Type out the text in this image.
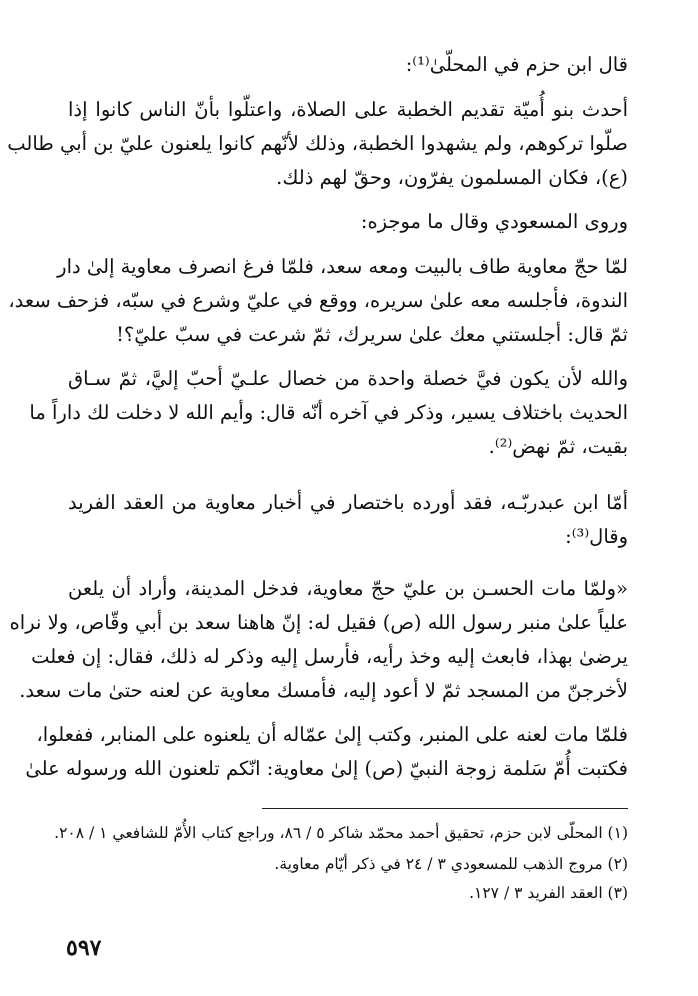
قال ابن حزم في المحلّىٰ⁽¹⁾:
أحدث بنو أُميّة تقديم الخطبة على الصلاة، واعتلّوا بأنّ الناس كانوا إذا
صلّوا تركوهم، ولم يشهدوا الخطبة، وذلك لأنّهم كانوا يلعنون عليّ بن أبي طالب
(ع)، فكان المسلمون يفرّون، وحقّ لهم ذلك.
وروى المسعودي وقال ما موجزه:
لمّا حجّ معاوية طاف بالبيت ومعه سعد، فلمّا فرغ انصرف معاوية إلىٰ دار
الندوة، فأجلسه معه علىٰ سريره، ووقع في عليّ وشرع في سبّه، فزحف سعد،
ثمّ قال: أجلستني معك علىٰ سريرك، ثمّ شرعت في سبّ عليّ؟!
والله لأن يكون فيَّ خصلة واحدة من خصال علـيّ أحبّ إليَّ، ثمّ سـاق
الحديث باختلاف يسير، وذكر في آخره أنّه قال: وأيم الله لا دخلت لك داراً ما
بقيت، ثمّ نهض⁽²⁾.
أمّا ابن عبدربّـه، فقد أورده باختصار في أخبار معاوية من العقد الفريد
وقال⁽³⁾:
«ولمّا مات الحسـن بن عليّ حجّ معاوية، فدخل المدينة، وأراد أن يلعن
علياً علىٰ منبر رسول الله (ص) فقيل له: إنّ هاهنا سعد بن أبي وقّاص، ولا نراه
يرضىٰ بهذا، فابعث إليه وخذ رأيه، فأرسل إليه وذكر له ذلك، فقال: إن فعلت
لأخرجنّ من المسجد ثمّ لا أعود إليه، فأمسك معاوية عن لعنه حتىٰ مات سعد.
فلمّا مات لعنه على المنبر، وكتب إلىٰ عمّاله أن يلعنوه على المنابر، ففعلوا،
فكتبت أُمّ سَلمة زوجة النبيّ (ص) إلىٰ معاوية: انّكم تلعنون الله ورسوله علىٰ
(١) المحلّى لابن حزم، تحقيق أحمد محمّد شاكر ٥ / ٨٦، وراجع كتاب الأُمّ للشافعي ١ / ٢٠٨.
(٢) مروج الذهب للمسعودي ٣ / ٢٤ في ذكر أيّام معاوية.
(٣) العقد الفريد ٣ / ١٢٧.
٥٩٧
